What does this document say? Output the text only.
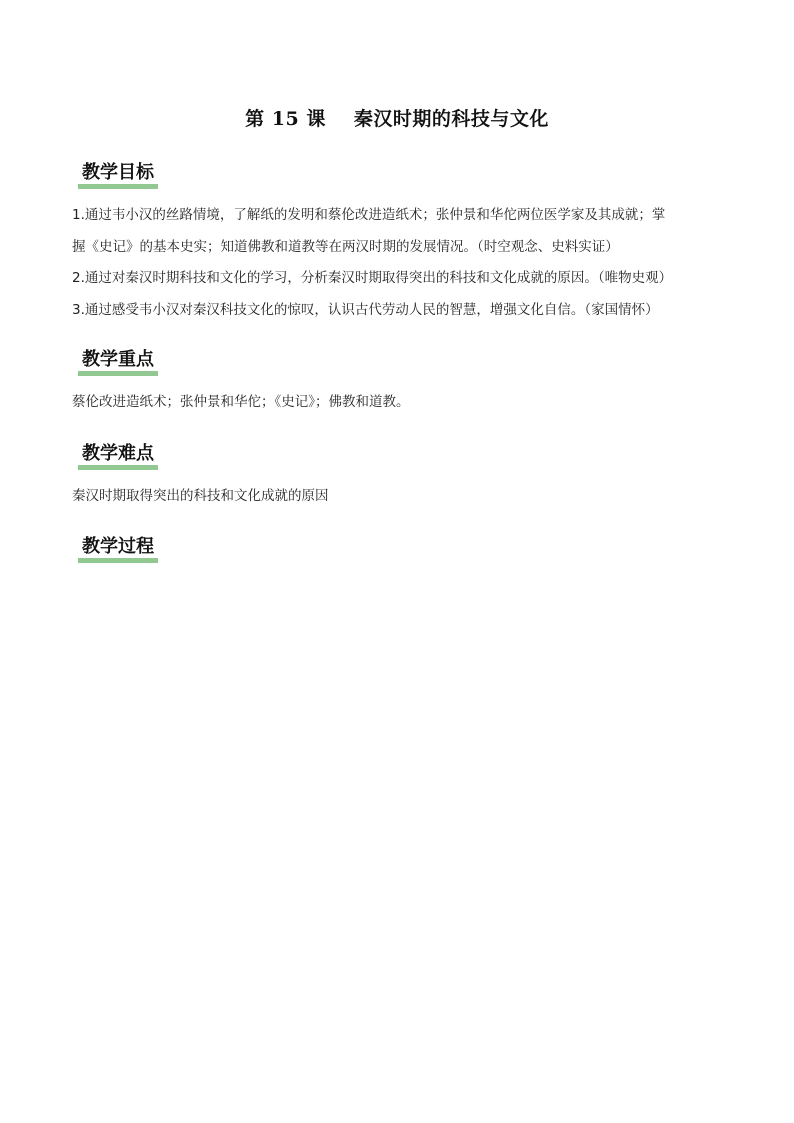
第 15 课 秦汉时期的科技与文化
教学目标

1.通过韦小汉的丝路情境，了解纸的发明和蔡伦改进造纸术；张仲景和华佗两位医学家及其成就；掌

握《史记》的基本史实；知道佛教和道教等在两汉时期的发展情况。（时空观念、史料实证）

2.通过对秦汉时期科技和文化的学习，分析秦汉时期取得突出的科技和文化成就的原因。（唯物史观）

3.通过感受韦小汉对秦汉科技文化的惊叹，认识古代劳动人民的智慧，增强文化自信。（家国情怀）

教学重点

蔡伦改进造纸术；张仲景和华佗；《史记》；佛教和道教。

教学难点

秦汉时期取得突出的科技和文化成就的原因

教学过程
